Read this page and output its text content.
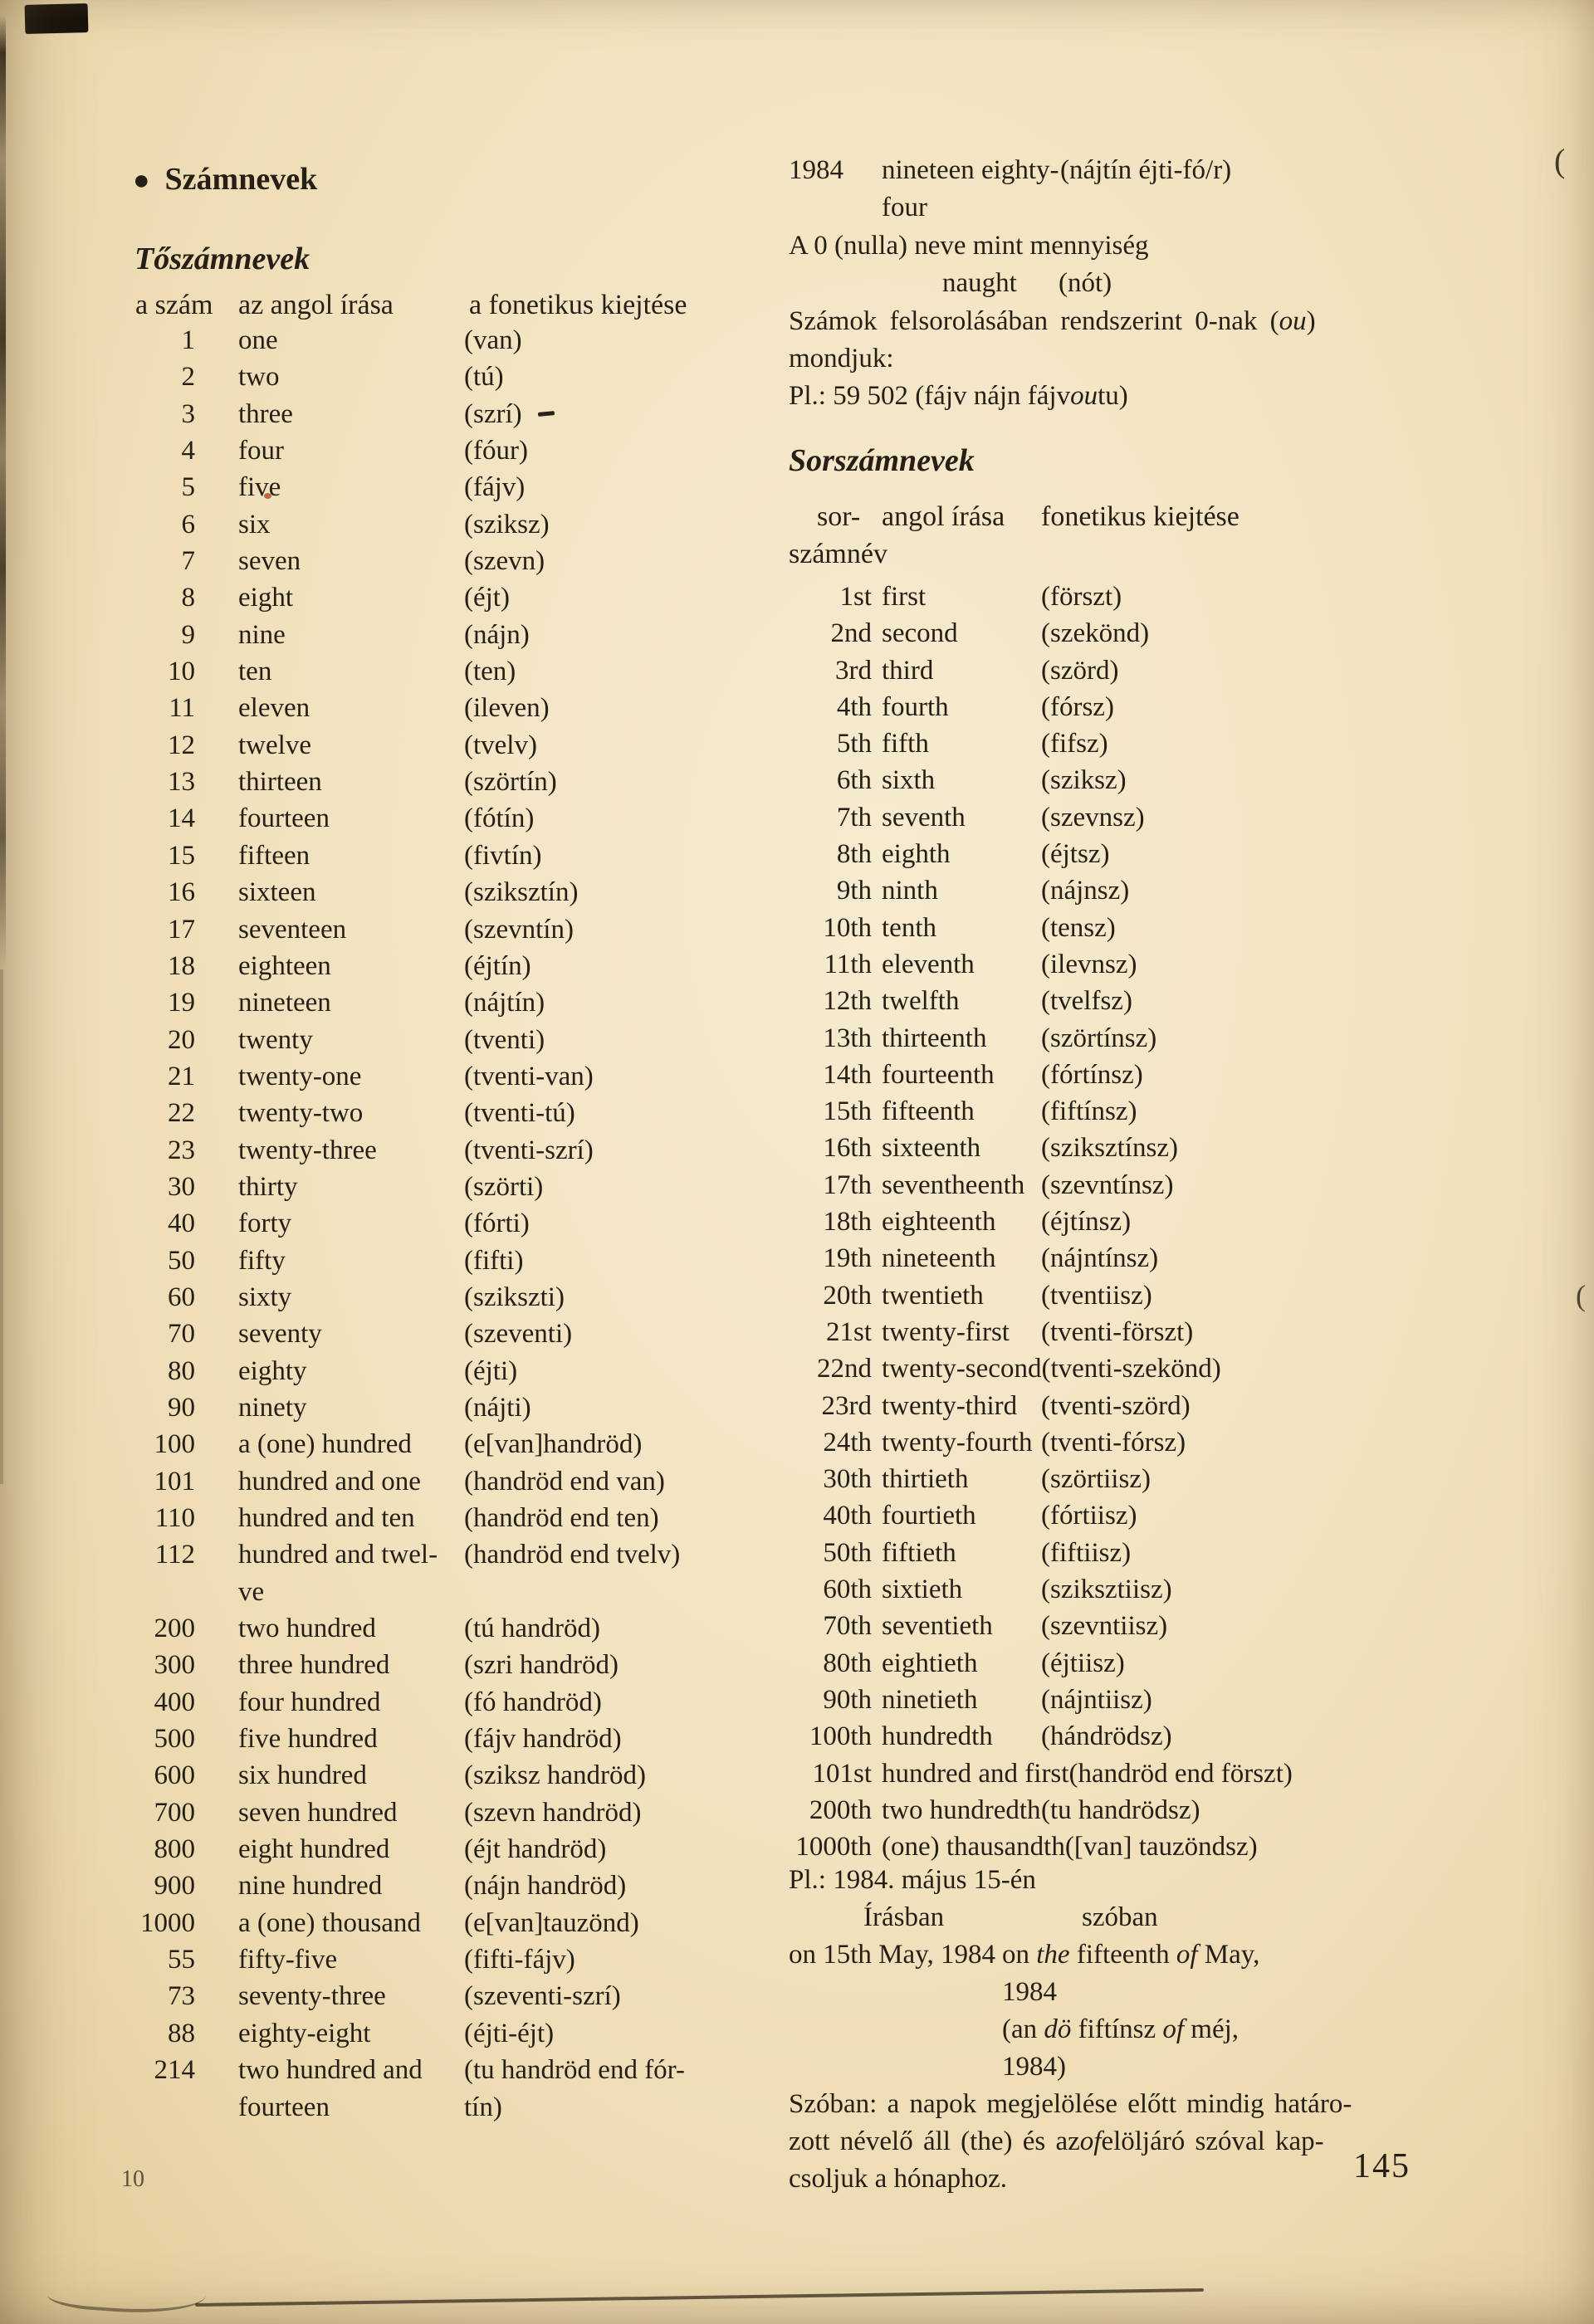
(
(
● Számnevek
Tőszámnevek
a szám az angol írása	a fonetikus kiejtése
1 one	(van)
2 two	(tú)
3 three	(szrí)
4 four	(fóur)
5 five	(fájv)
6 six	(sziksz)
7 seven	(szevn)
8 eight	(éjt)
9 nine	(nájn)
10 ten	(ten)
11 eleven	(ileven)
12 twelve	(tvelv)
13 thirteen	(szörtín)
14 fourteen	(fótín)
15 fifteen	(fivtín)
16 sixteen	(sziksztín)
17 seventeen	(szevntín)
18 eighteen	(éjtín)
19 nineteen	(nájtín)
20 twenty	(tventi)
21 twenty-one	(tventi-van)
22 twenty-two	(tventi-tú)
23 twenty-three	(tventi-szrí)
30 thirty	(szörti)
40 forty	(fórti)
50 fifty	(fifti)
60 sixty	(szikszti)
70 seventy	(szeventi)
80 eighty	(éjti)
90 ninety	(nájti)
100 a (one) hundred	(e[van]handröd)
101 hundred and one	(handröd end van)
110 hundred and ten	(handröd end ten)
112 hundred and twel- (handröd end tvelv)
ve
200 two hundred	(tú handröd)
300 three hundred	(szri handröd)
400 four hundred	(fó handröd)
500 five hundred	(fájv handröd)
600 six hundred	(sziksz handröd)
700 seven hundred	(szevn handröd)
800 eight hundred	(éjt handröd)
900 nine hundred	(nájn handröd)
1000 a (one) thousand	(e[van]tauzönd)
55 fifty-five	(fifti-fájv)
73 seventy-three	(szeventi-szrí)
88 eighty-eight	(éjti-éjt)
214 two hundred and	(tu handröd end fór-
fourteen	tín)
1984	nineteen eighty- (nájtín éjti-fó/r)
four
A 0 (nulla) neve mint mennyiség
naught	(nót)
Számok felsorolásában rendszerint 0-nak ( ou )
mondjuk:
Pl.: 59 502 (fájv nájn fájv ou tu)
Sorszámnevek
sor- angol írása	fonetikus kiejtése
számnév
1st first	(förszt)
2nd second	(szekönd)
3rd third	(szörd)
4th fourth	(fórsz)
5th fifth	(fifsz)
6th sixth	(sziksz)
7th seventh	(szevnsz)
8th eighth	(éjtsz)
9th ninth	(nájnsz)
10th tenth	(tensz)
11th eleventh	(ilevnsz)
12th twelfth	(tvelfsz)
13th thirteenth	(szörtínsz)
14th fourteenth	(fórtínsz)
15th fifteenth	(fiftínsz)
16th sixteenth	(sziksztínsz)
17th seventheenth (szevntínsz)
18th eighteenth	(éjtínsz)
19th nineteenth	(nájntínsz)
20th twentieth	(tventiisz)
21st twenty-first	(tventi-förszt)
22nd twenty-second (tventi-szekönd)
23rd twenty-third (tventi-szörd)
24th twenty-fourth (tventi-fórsz)
30th thirtieth	(szörtiisz)
40th fourtieth	(fórtiisz)
50th fiftieth	(fiftiisz)
60th sixtieth	(sziksztiisz)
70th seventieth	(szevntiisz)
80th eightieth	(éjtiisz)
90th ninetieth	(nájntiisz)
100th hundredth	(hándrödsz)
101st hundred and first (handröd end förszt)
200th two hundredth (tu handrödsz)
1000th (one) thausandth ([van] tauzöndsz)
Pl.: 1984. május 15-én
Írásban	szóban
on 15th May, 1984 on the fifteenth of May,
1984
(an dö fiftínsz of méj,
1984)
Szóban: a napok megjelölése előtt mindig határo-
zott névelő áll (the) és az of elöljáró szóval kap-
csoljuk a hónaphoz.	145
10
